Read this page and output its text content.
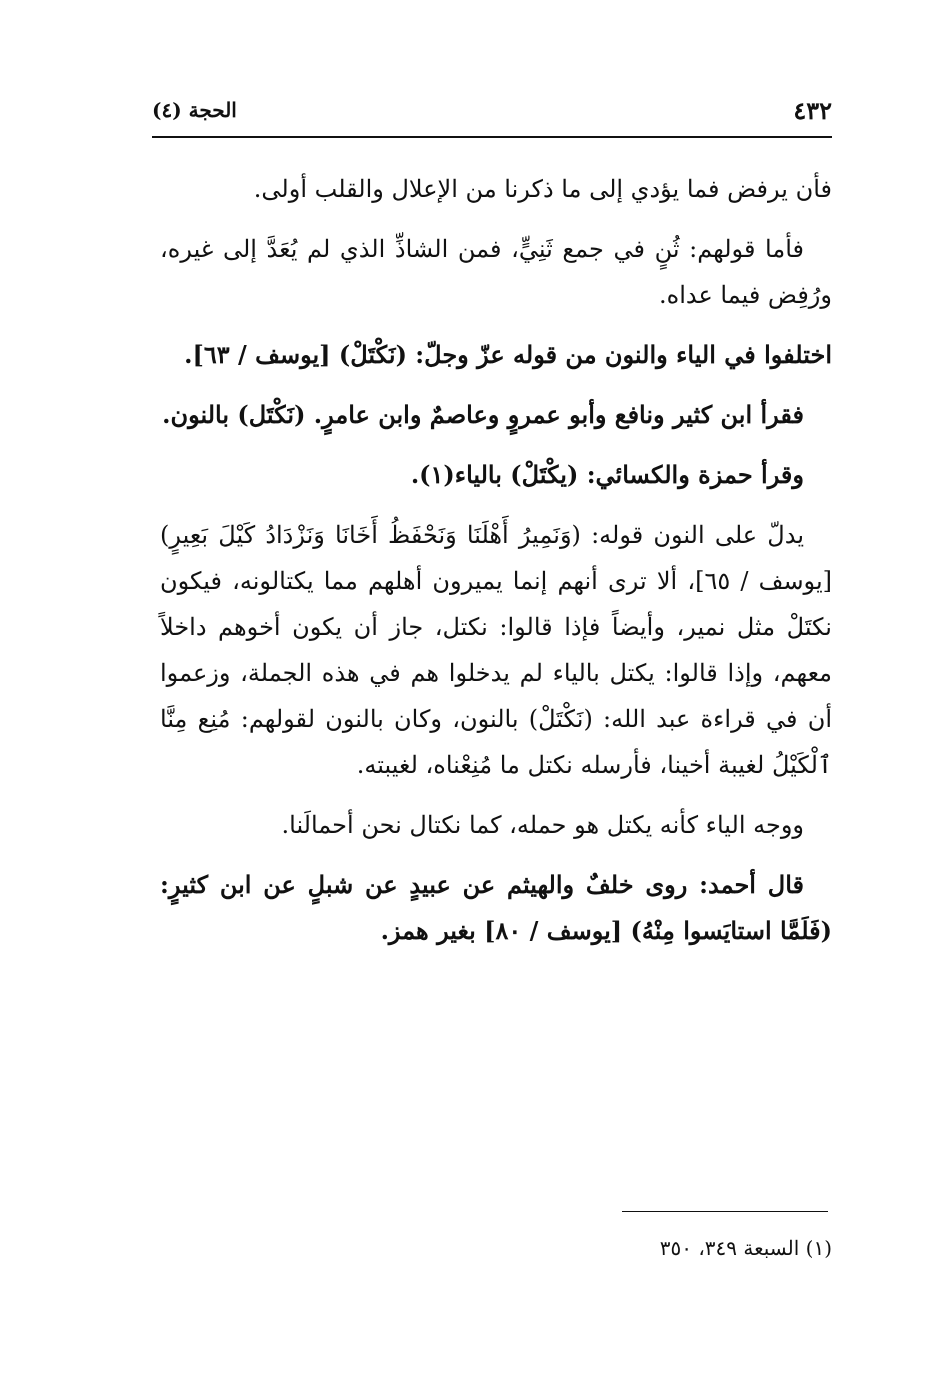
٤٣٢
الحجة (٤)

فأن يرفض فما يؤدي إلى ما ذكرنا من الإعلال والقلب أولى.

فأما قولهم: ثُنٍ في جمع ثَنِيٍّ، فمن الشاذِّ الذي لم يُعَدَّ إلى غيره، ورُفِض فيما عداه.

اختلفوا في الياء والنون من قوله عزّ وجلّ: (نَكْتَلْ) [يوسف / ٦٣].

فقرأ ابن كثير ونافع وأبو عمروٍ وعاصمٌ وابن عامرٍ. (نَكْتَل) بالنون.

وقرأ حمزة والكسائي: (يكْتَلْ) بالياء(١).

يدلّ على النون قوله: (وَنَمِيرُ أَهْلَنَا وَنَحْفَظُ أَخَانَا وَنَزْدَادُ كَيْلَ بَعِيرٍ) [يوسف / ٦٥]، ألا ترى أنهم إنما يميرون أهلهم مما يكتالونه، فيكون نكتَلْ مثل نمير، وأيضاً فإذا قالوا: نكتل، جاز أن يكون أخوهم داخلاً معهم، وإذا قالوا: يكتل بالياء لم يدخلوا هم في هذه الجملة، وزعموا أن في قراءة عبد الله: (نَكْتَلْ) بالنون، وكان بالنون لقولهم: مُنِع مِنَّا ٱلْكَيْلُ لغيبة أخينا، فأرسله نكتل ما مُنِعْناه، لغيبته.

ووجه الياء كأنه يكتل هو حمله، كما نكتال نحن أحمالَنا.

قال أحمد: روى خلفٌ والهيثم عن عبيدٍ عن شبلٍ عن ابن كثيرٍ: (فَلَمَّا استايَسوا مِنْهُ) [يوسف / ٨٠] بغير همز.

(١) السبعة ٣٤٩، ٣٥٠
